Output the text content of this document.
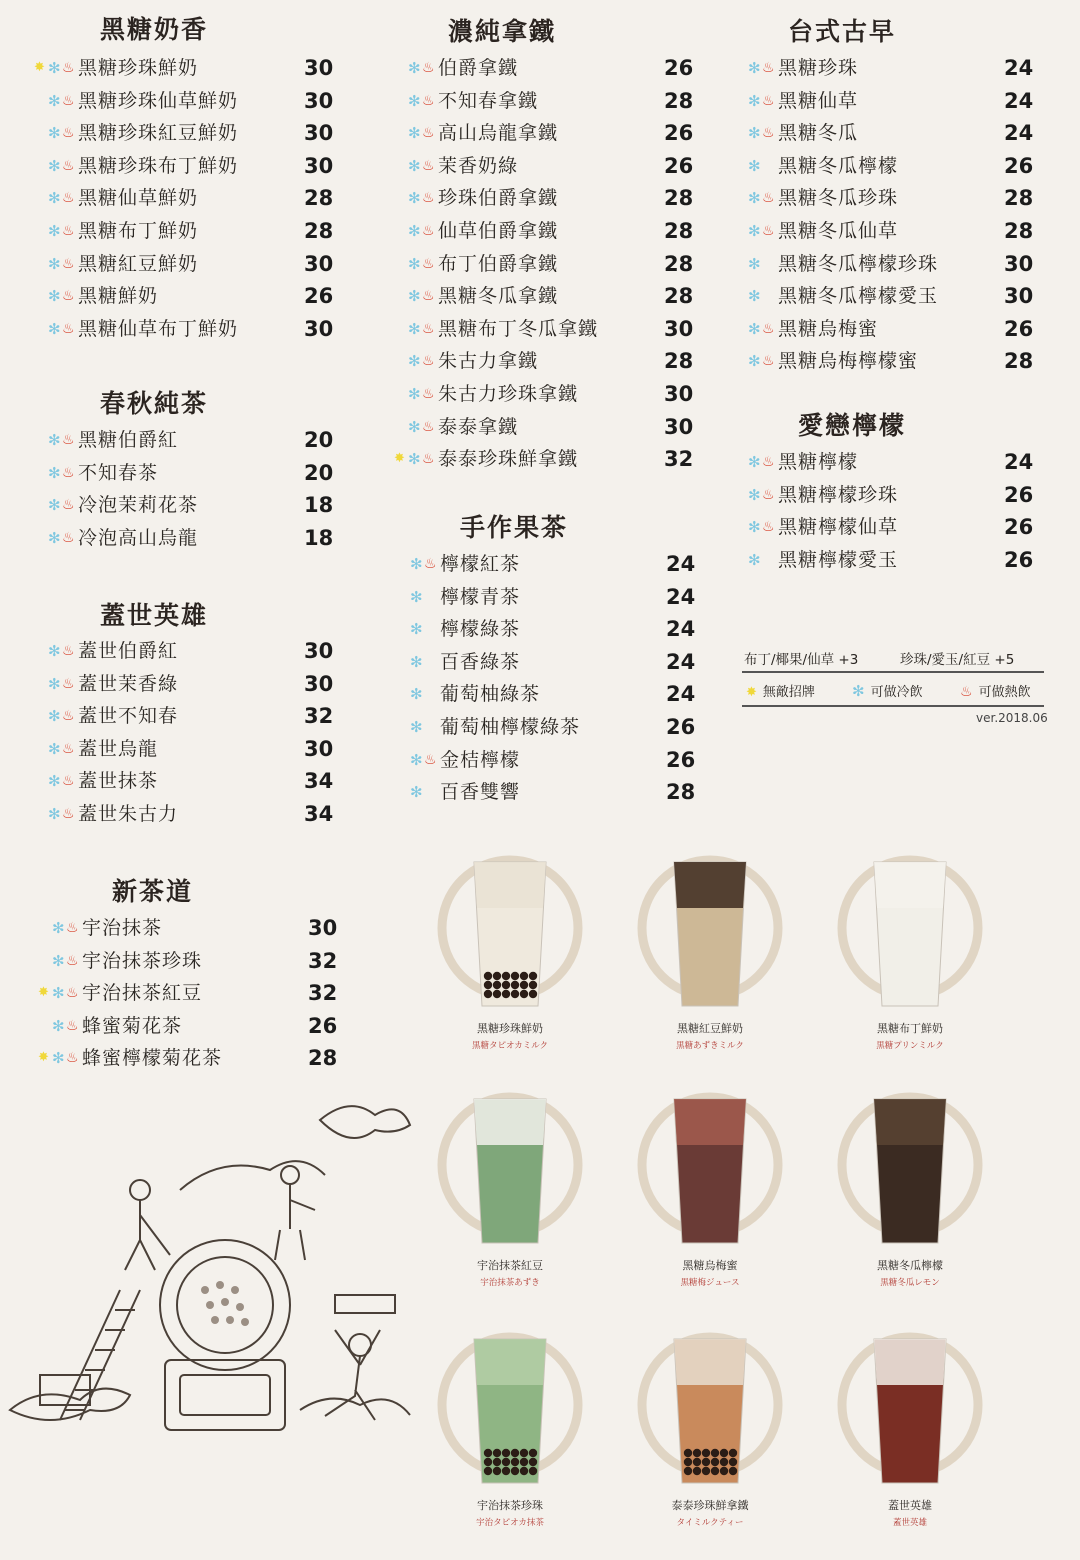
黑糖奶香
✸ ✻ ♨ 黑糖珍珠鮮奶	30
✻ ♨ 黑糖珍珠仙草鮮奶	30
✻ ♨ 黑糖珍珠紅豆鮮奶	30
✻ ♨ 黑糖珍珠布丁鮮奶	30
✻ ♨ 黑糖仙草鮮奶	28
✻ ♨ 黑糖布丁鮮奶	28
✻ ♨ 黑糖紅豆鮮奶	30
✻ ♨ 黑糖鮮奶	26
✻ ♨ 黑糖仙草布丁鮮奶	30
春秋純茶
✻ ♨ 黑糖伯爵紅	20
✻ ♨ 不知春茶	20
✻ ♨ 冷泡茉莉花茶	18
✻ ♨ 冷泡高山烏龍	18
蓋世英雄
✻ ♨ 蓋世伯爵紅	30
✻ ♨ 蓋世茉香綠	30
✻ ♨ 蓋世不知春	32
✻ ♨ 蓋世烏龍	30
✻ ♨ 蓋世抹茶	34
✻ ♨ 蓋世朱古力	34
新茶道
✻ ♨ 宇治抹茶	30
✻ ♨ 宇治抹茶珍珠	32
✸ ✻ ♨ 宇治抹茶紅豆	32
✻ ♨ 蜂蜜菊花茶	26
✸ ✻ ♨ 蜂蜜檸檬菊花茶	28
濃純拿鐵
✻ ♨ 伯爵拿鐵	26
✻ ♨ 不知春拿鐵	28
✻ ♨ 高山烏龍拿鐵	26
✻ ♨ 茉香奶綠	26
✻ ♨ 珍珠伯爵拿鐵	28
✻ ♨ 仙草伯爵拿鐵	28
✻ ♨ 布丁伯爵拿鐵	28
✻ ♨ 黑糖冬瓜拿鐵	28
✻ ♨ 黑糖布丁冬瓜拿鐵	30
✻ ♨ 朱古力拿鐵	28
✻ ♨ 朱古力珍珠拿鐵	30
✻ ♨ 泰泰拿鐵	30
✸ ✻ ♨ 泰泰珍珠鮮拿鐵	32
手作果茶
✻ ♨ 檸檬紅茶	24
✻ 檸檬青茶	24
✻ 檸檬綠茶	24
✻ 百香綠茶	24
✻ 葡萄柚綠茶	24
✻ 葡萄柚檸檬綠茶	26
✻ ♨ 金桔檸檬	26
✻ 百香雙響	28
台式古早
✻ ♨ 黑糖珍珠	24
✻ ♨ 黑糖仙草	24
✻ ♨ 黑糖冬瓜	24
✻ 黑糖冬瓜檸檬	26
✻ ♨ 黑糖冬瓜珍珠	28
✻ ♨ 黑糖冬瓜仙草	28
✻ 黑糖冬瓜檸檬珍珠	30
✻ 黑糖冬瓜檸檬愛玉	30
✻ ♨ 黑糖烏梅蜜	26
✻ ♨ 黑糖烏梅檸檬蜜	28
愛戀檸檬
✻ ♨ 黑糖檸檬	24
✻ ♨ 黑糖檸檬珍珠	26
✻ ♨ 黑糖檸檬仙草	26
✻ 黑糖檸檬愛玉	26
布丁/椰果/仙草 +3	珍珠/愛玉/紅豆 +5
✸ 無敵招牌 ✻ 可做冷飲	♨ 可做熱飲
ver.2018.06
黑糖珍珠鮮奶
黒糖タピオカミルク
黑糖紅豆鮮奶
黒糖あずきミルク
黑糖布丁鮮奶
黒糖プリンミルク
宇治抹茶紅豆
宇治抹茶あずき
黑糖烏梅蜜
黒糖梅ジュース
黑糖冬瓜檸檬
黒糖冬瓜レモン
宇治抹茶珍珠
宇治タピオカ抹茶
泰泰珍珠鮮拿鐵
タイミルクティー
蓋世英雄
蓋世英雄
